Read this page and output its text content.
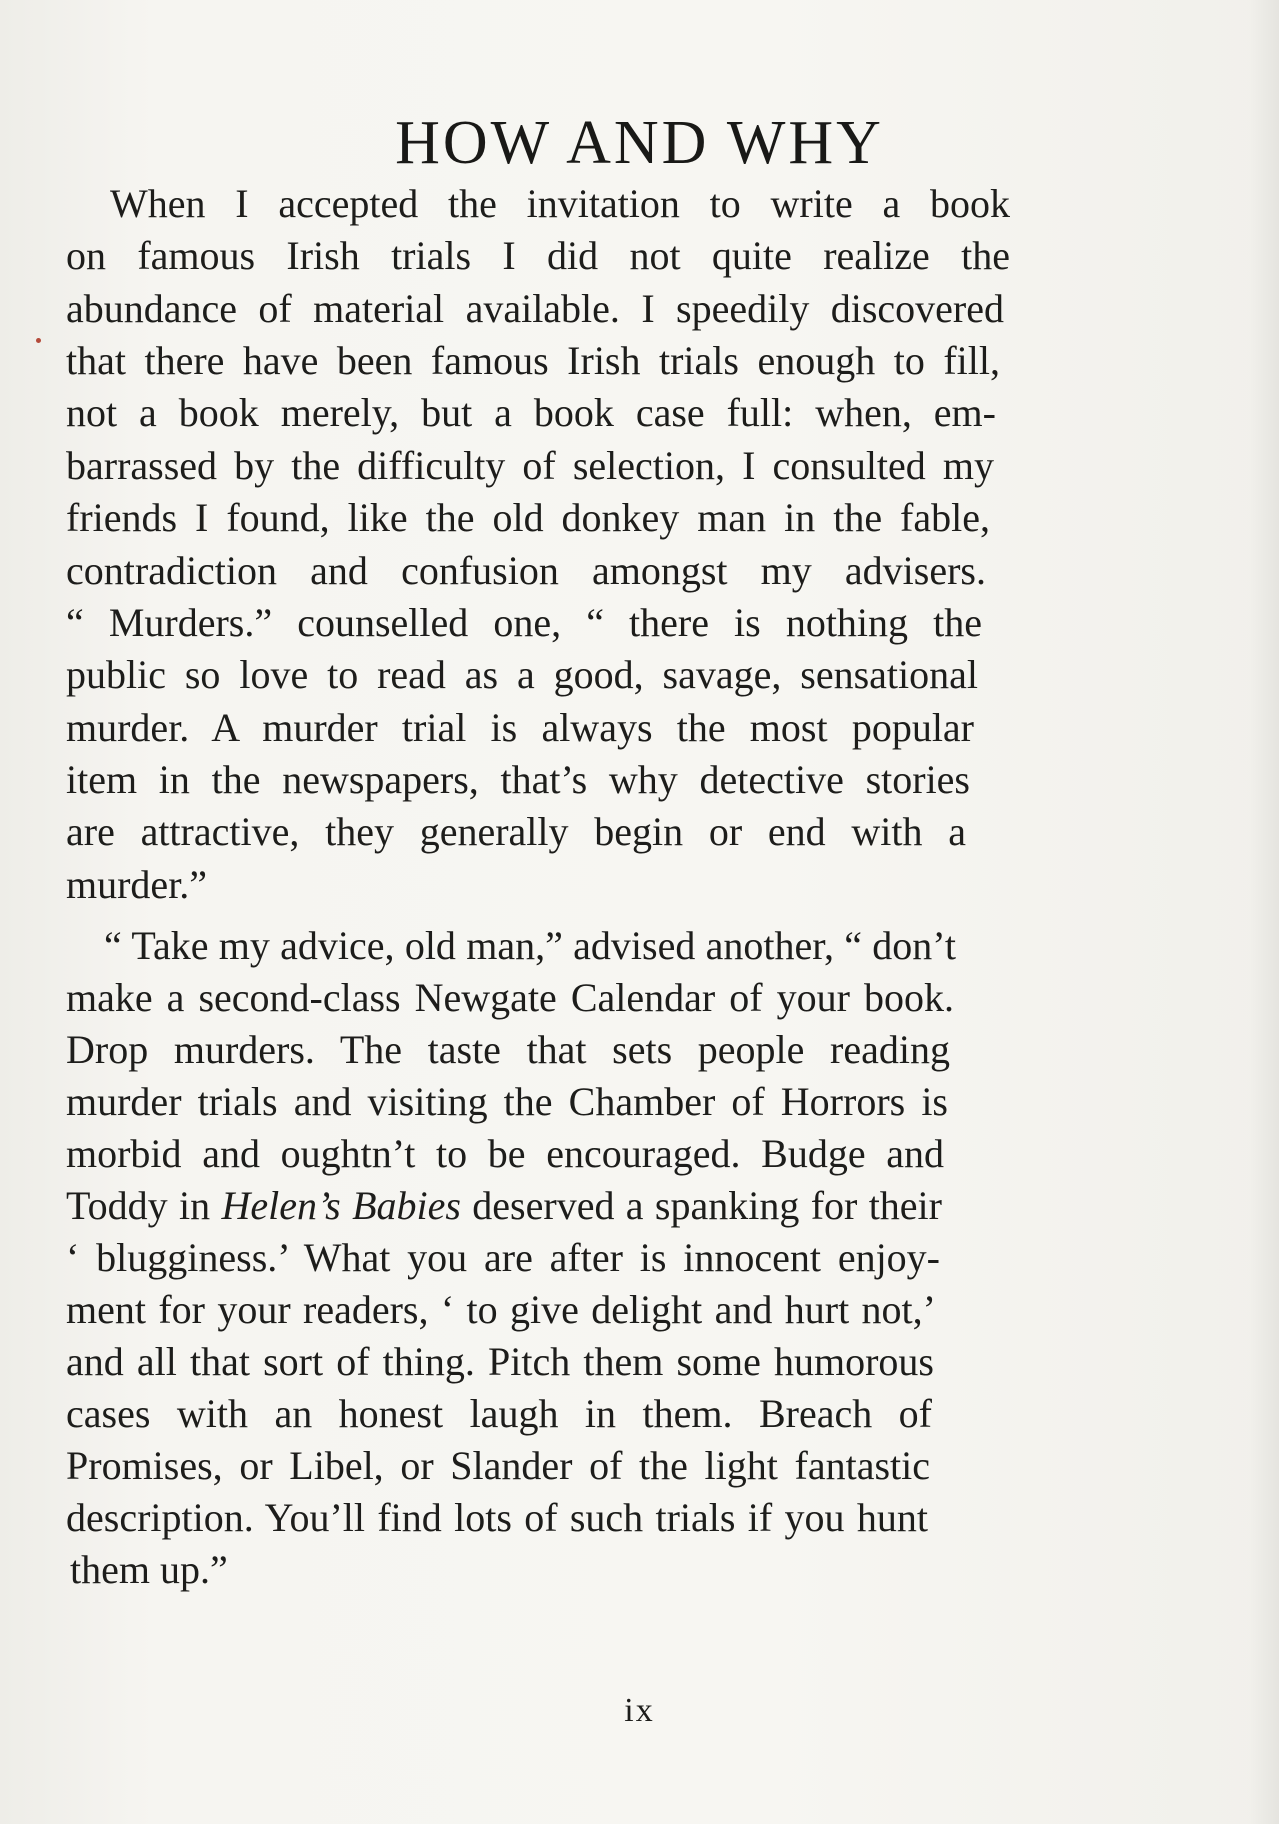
HOW AND WHY
When I accepted the invitation to write a book
on famous Irish trials I did not quite realize the
abundance of material available. I speedily discovered
that there have been famous Irish trials enough to fill,
not a book merely, but a book case full: when, em-
barrassed by the difficulty of selection, I consulted my
friends I found, like the old donkey man in the fable,
contradiction and confusion amongst my advisers.
“ Murders.” counselled one, “ there is nothing the
public so love to read as a good, savage, sensational
murder. A murder trial is always the most popular
item in the newspapers, that’s why detective stories
are attractive, they generally begin or end with a
murder.”
“ Take my advice, old man,” advised another, “ don’t
make a second-class Newgate Calendar of your book.
Drop murders. The taste that sets people reading
murder trials and visiting the Chamber of Horrors is
morbid and oughtn’t to be encouraged. Budge and
Toddy in Helen’s Babies deserved a spanking for their
‘ blugginess.’ What you are after is innocent enjoy-
ment for your readers, ‘ to give delight and hurt not,’
and all that sort of thing. Pitch them some humorous
cases with an honest laugh in them. Breach of
Promises, or Libel, or Slander of the light fantastic
description. You’ll find lots of such trials if you hunt
them up.”
ix
